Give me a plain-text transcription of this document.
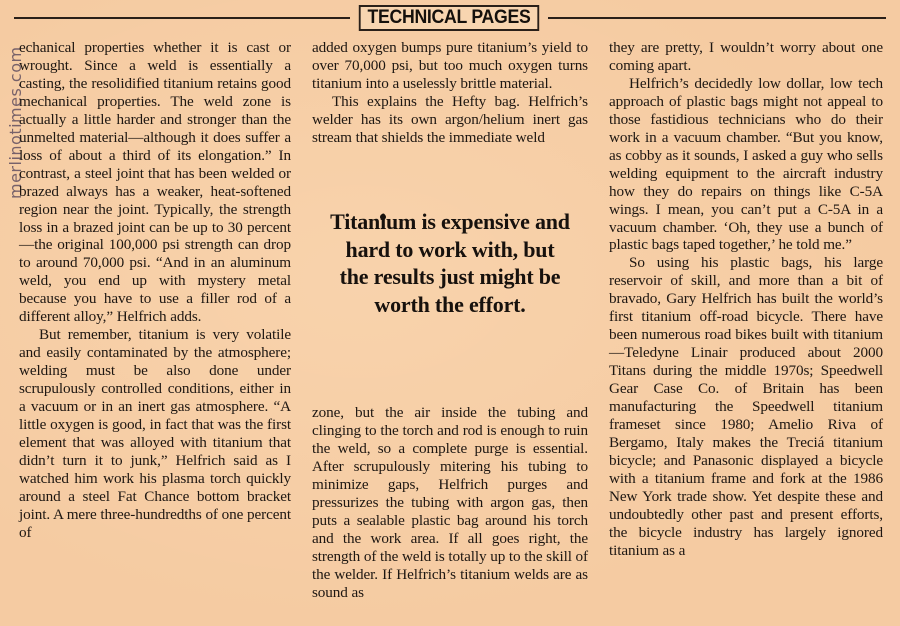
TECHNICAL PAGES
merlinotimes.com

echanical properties whether it is cast or wrought. Since a weld is essentially a casting, the resolidified titanium retains good mechanical properties. The weld zone is actually a little harder and stronger than the unmelted material—although it does suffer a loss of about a third of its elongation.” In contrast, a steel joint that has been welded or brazed always has a weaker, heat-softened region near the joint. Typically, the strength loss in a brazed joint can be up to 30 percent—the original 100,000 psi strength can drop to around 70,000 psi. “And in an aluminum weld, you end up with mystery metal because you have to use a filler rod of a different alloy,” Helfrich adds.

But remember, titanium is very volatile and easily contaminated by the atmosphere; welding must be also done under scrupulously controlled conditions, either in a vacuum or in an inert gas atmosphere. “A little oxygen is good, in fact that was the first element that was alloyed with titanium that didn’t turn it to junk,” Helfrich said as I watched him work his plasma torch quickly around a steel Fat Chance bottom bracket joint. A mere three-hundredths of one percent of

added oxygen bumps pure titanium’s yield to over 70,000 psi, but too much oxygen turns titanium into a uselessly brittle material.

This explains the Hefty bag. Helfrich’s welder has its own argon/helium inert gas stream that shields the immediate weld

Titanium is expensive and hard to work with, but the results just might be worth the effort.

zone, but the air inside the tubing and clinging to the torch and rod is enough to ruin the weld, so a complete purge is essential. After scrupulously mitering his tubing to minimize gaps, Helfrich purges and pressurizes the tubing with argon gas, then puts a sealable plastic bag around his torch and the work area. If all goes right, the strength of the weld is totally up to the skill of the welder. If Helfrich’s titanium welds are as sound as

they are pretty, I wouldn’t worry about one coming apart.

Helfrich’s decidedly low dollar, low tech approach of plastic bags might not appeal to those fastidious technicians who do their work in a vacuum chamber. “But you know, as cobby as it sounds, I asked a guy who sells welding equipment to the aircraft industry how they do repairs on things like C-5A wings. I mean, you can’t put a C-5A in a vacuum chamber. ‘Oh, they use a bunch of plastic bags taped together,’ he told me.”

So using his plastic bags, his large reservoir of skill, and more than a bit of bravado, Gary Helfrich has built the world’s first titanium off-road bicycle. There have been numerous road bikes built with titanium—Teledyne Linair produced about 2000 Titans during the middle 1970s; Speedwell Gear Case Co. of Britain has been manufacturing the Speedwell titanium frameset since 1980; Amelio Riva of Bergamo, Italy makes the Treciá titanium bicycle; and Panasonic displayed a bicycle with a titanium frame and fork at the 1986 New York trade show. Yet despite these and undoubtedly other past and present efforts, the bicycle industry has largely ignored titanium as a
